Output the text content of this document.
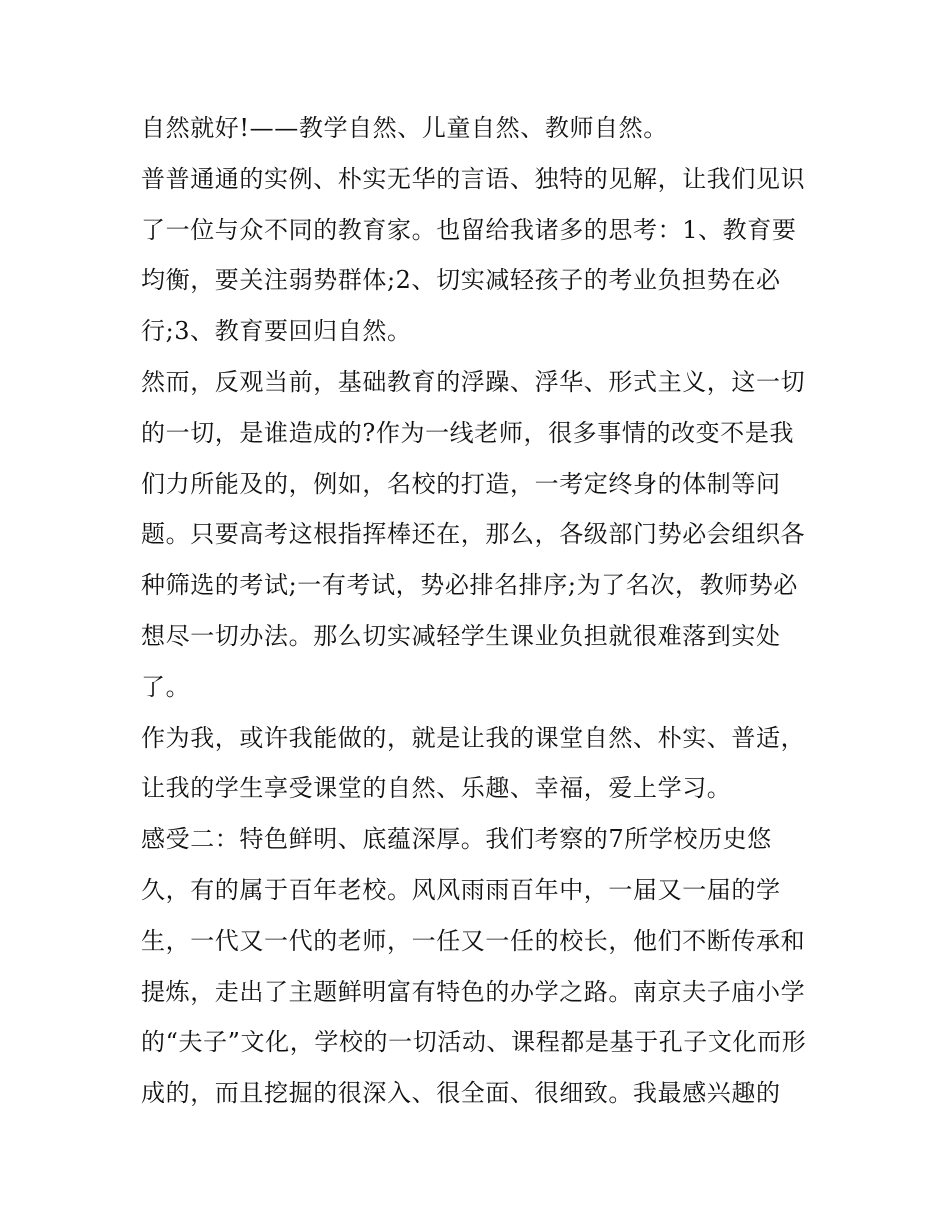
自然就好!——教学自然、儿童自然、教师自然。
普普通通的实例、朴实无华的言语、独特的见解，让我们见识
了一位与众不同的教育家。也留给我诸多的思考：1、教育要
均衡，要关注弱势群体;2、切实减轻孩子的考业负担势在必
行;3、教育要回归自然。
然而，反观当前，基础教育的浮躁、浮华、形式主义，这一切
的一切，是谁造成的?作为一线老师，很多事情的改变不是我
们力所能及的，例如，名校的打造，一考定终身的体制等问
题。只要高考这根指挥棒还在，那么，各级部门势必会组织各
种筛选的考试;一有考试，势必排名排序;为了名次，教师势必
想尽一切办法。那么切实减轻学生课业负担就很难落到实处
了。
作为我，或许我能做的，就是让我的课堂自然、朴实、普适，
让我的学生享受课堂的自然、乐趣、幸福，爱上学习。
感受二：特色鲜明、底蕴深厚。我们考察的7所学校历史悠
久，有的属于百年老校。风风雨雨百年中，一届又一届的学
生，一代又一代的老师，一任又一任的校长，他们不断传承和
提炼，走出了主题鲜明富有特色的办学之路。南京夫子庙小学
的“夫子”文化，学校的一切活动、课程都是基于孔子文化而形
成的，而且挖掘的很深入、很全面、很细致。我最感兴趣的
